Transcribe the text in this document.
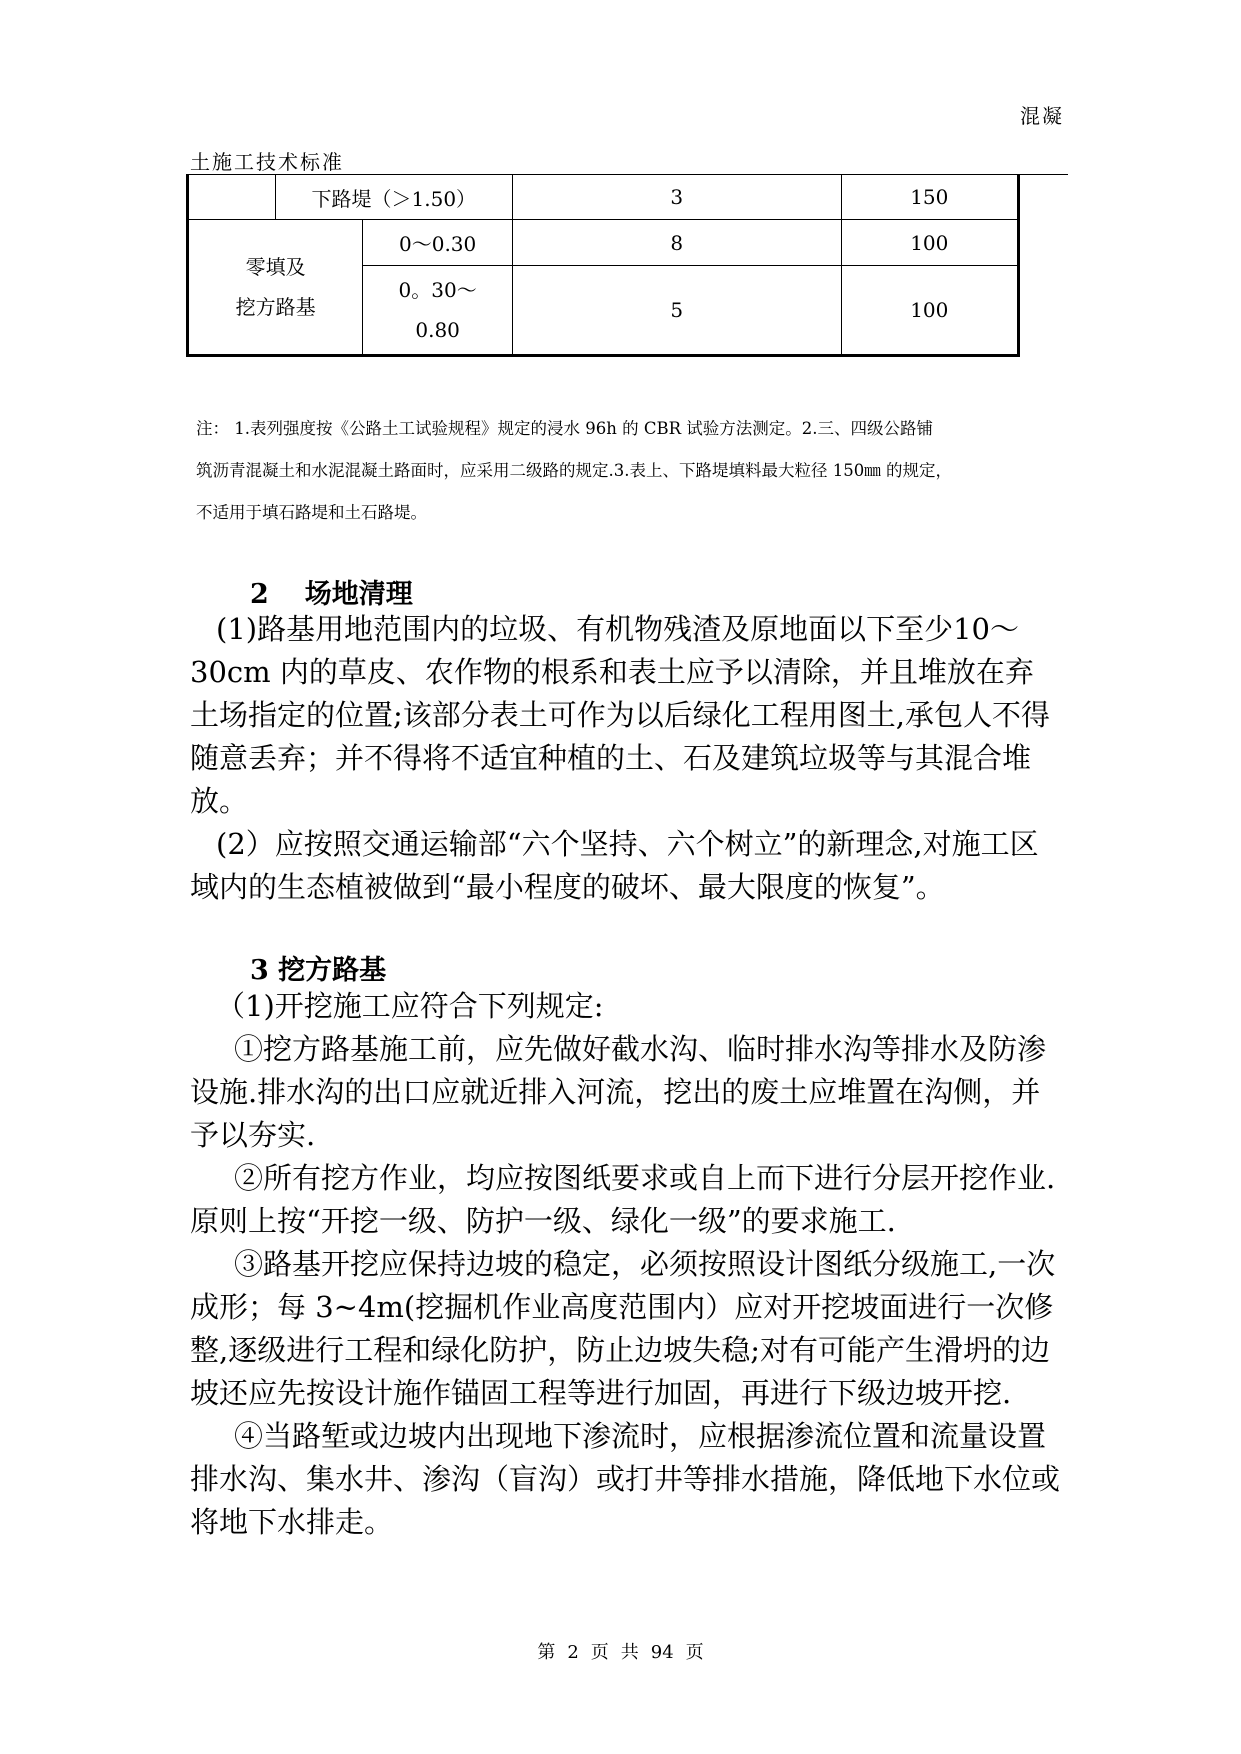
混凝
土施工技术标准
	下路堤（＞1.50）		3	150

零填及
挖方路基		0～0.30	8	100

		0。30～
0.80	5	100

注： 1.表列强度按《公路土工试验规程》规定的浸水 96h 的 CBR 试验方法测定。2.三、四级公路铺

筑沥青混凝土和水泥混凝土路面时，应采用二级路的规定.3.表上、下路堤填料最大粒径 150㎜ 的规定，

不适用于填石路堤和土石路堤。

2 场地清理

(1)路基用地范围内的垃圾、有机物残渣及原地面以下至少10～30cm 内的草皮、农作物的根系和表土应予以清除，并且堆放在弃土场指定的位置;该部分表土可作为以后绿化工程用图土,承包人不得随意丢弃；并不得将不适宜种植的土、石及建筑垃圾等与其混合堆放。

(2）应按照交通运输部“六个坚持、六个树立”的新理念,对施工区域内的生态植被做到“最小程度的破坏、最大限度的恢复”。

3 挖方路基

（1)开挖施工应符合下列规定:

①挖方路基施工前，应先做好截水沟、临时排水沟等排水及防渗设施.排水沟的出口应就近排入河流，挖出的废土应堆置在沟侧，并予以夯实.

②所有挖方作业，均应按图纸要求或自上而下进行分层开挖作业.原则上按“开挖一级、防护一级、绿化一级”的要求施工.

③路基开挖应保持边坡的稳定，必须按照设计图纸分级施工,一次成形；每 3~4m(挖掘机作业高度范围内）应对开挖坡面进行一次修整,逐级进行工程和绿化防护，防止边坡失稳;对有可能产生滑坍的边坡还应先按设计施作锚固工程等进行加固，再进行下级边坡开挖.

④当路堑或边坡内出现地下渗流时，应根据渗流位置和流量设置排水沟、集水井、渗沟（盲沟）或打井等排水措施，降低地下水位或将地下水排走。

第 2 页 共 94 页
